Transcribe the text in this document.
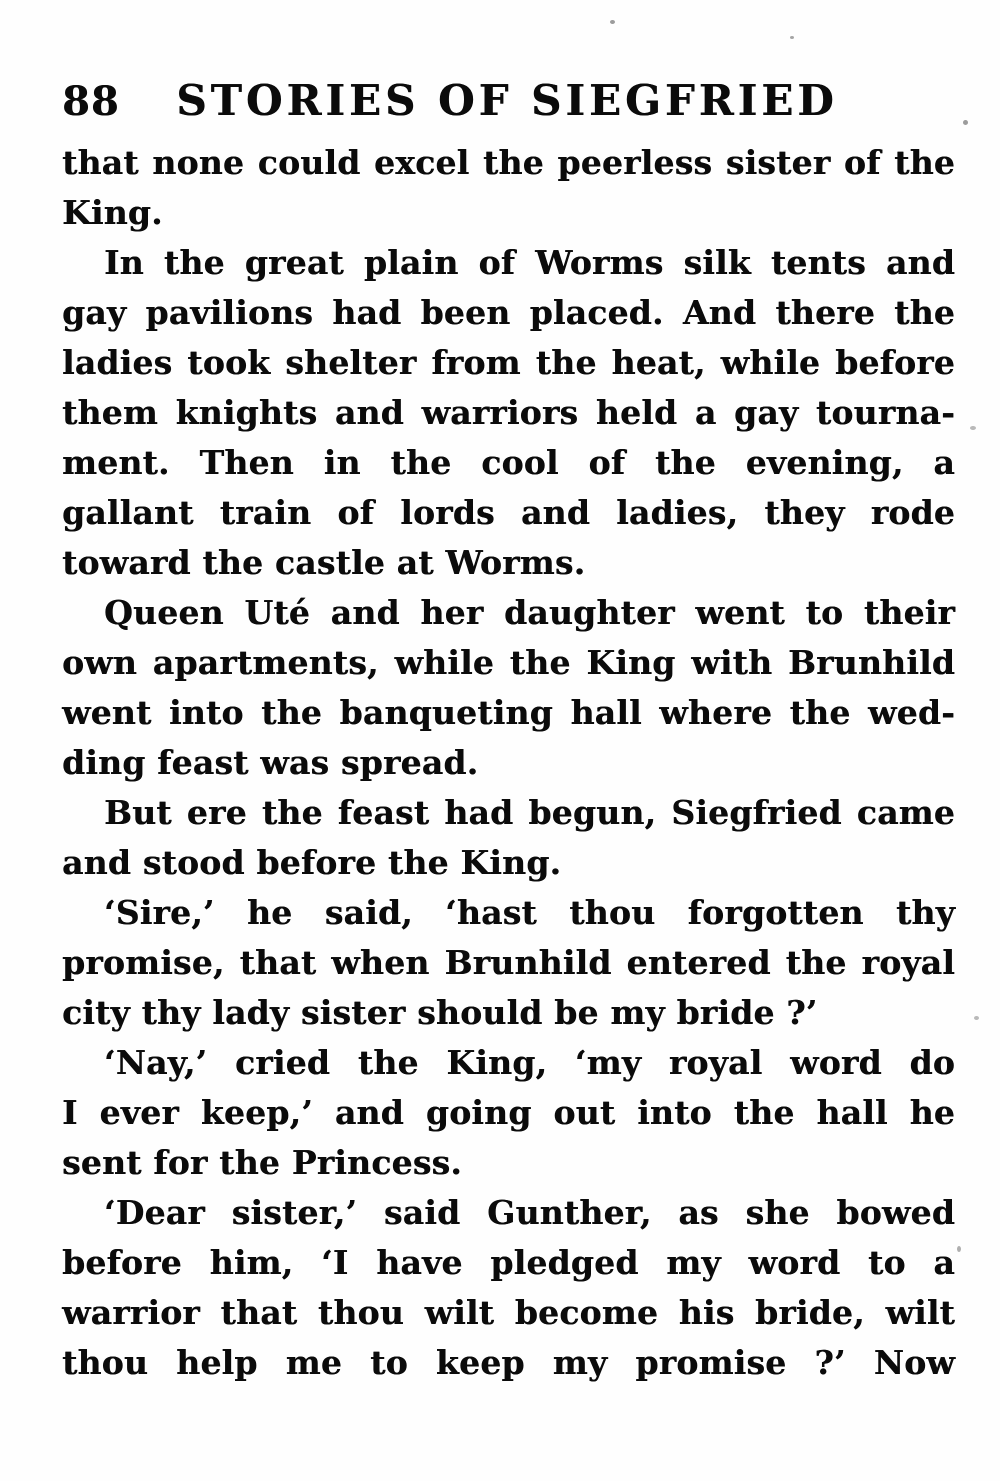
88	STORIES OF SIEGFRIED
that none could excel the peerless sister of the
King.
In the great plain of Worms silk tents and
gay pavilions had been placed. And there the
ladies took shelter from the heat, while before
them knights and warriors held a gay tourna-
ment. Then in the cool of the evening, a
gallant train of lords and ladies, they rode
toward the castle at Worms.
Queen Uté and her daughter went to their
own apartments, while the King with Brunhild
went into the banqueting hall where the wed-
ding feast was spread.
But ere the feast had begun, Siegfried came
and stood before the King.
‘Sire,’ he said, ‘hast thou forgotten thy
promise, that when Brunhild entered the royal
city thy lady sister should be my bride ?’
‘Nay,’ cried the King, ‘my royal word do
I ever keep,’ and going out into the hall he
sent for the Princess.
‘Dear sister,’ said Gunther, as she bowed
before him, ‘I have pledged my word to a
warrior that thou wilt become his bride, wilt
thou help me to keep my promise ?’ Now
